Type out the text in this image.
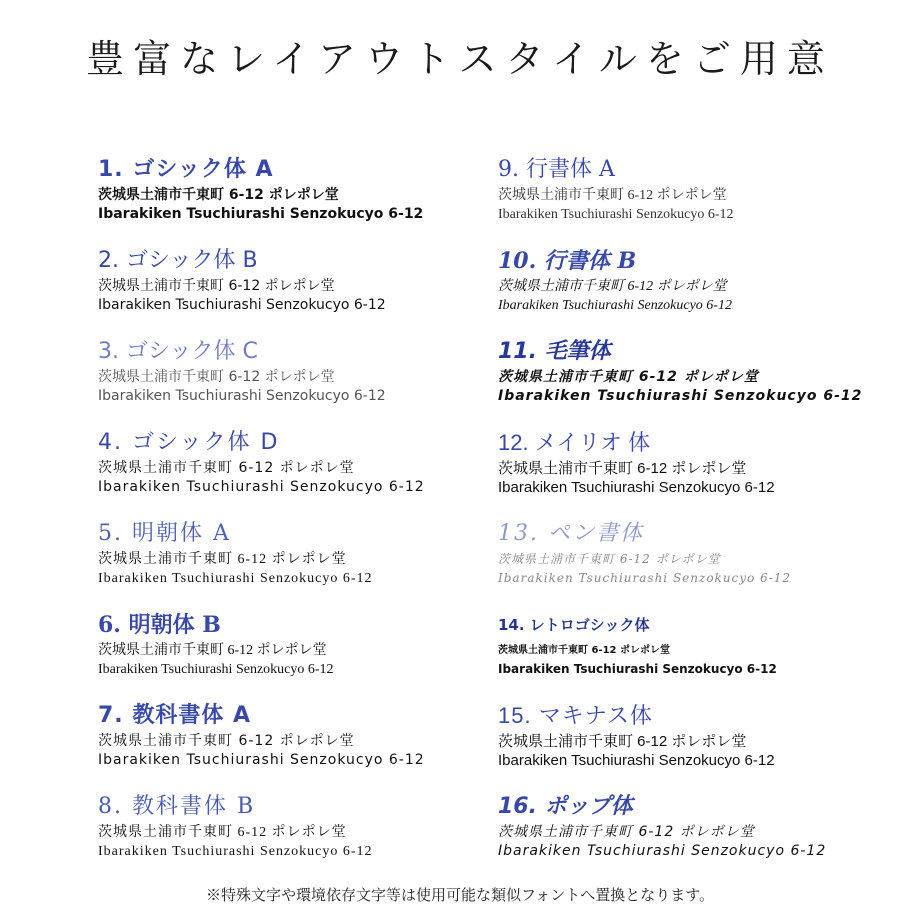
豊富なレイアウトスタイルをご用意
1. ゴシック体 A
茨城県土浦市千東町 6-12 ポレポレ堂
Ibarakiken Tsuchiurashi Senzokucyo 6-12
2. ゴシック体 B
茨城県土浦市千東町 6-12 ポレポレ堂
Ibarakiken Tsuchiurashi Senzokucyo 6-12
3. ゴシック体 C
茨城県土浦市千東町 6-12 ポレポレ堂
Ibarakiken Tsuchiurashi Senzokucyo 6-12
4. ゴシック体 D
茨城県土浦市千東町 6-12 ポレポレ堂
Ibarakiken Tsuchiurashi Senzokucyo 6-12
5. 明朝体 A
茨城県土浦市千東町 6-12 ポレポレ堂
Ibarakiken Tsuchiurashi Senzokucyo 6-12
6. 明朝体 B
茨城県土浦市千東町 6-12 ポレポレ堂
Ibarakiken Tsuchiurashi Senzokucyo 6-12
7. 教科書体 A
茨城県土浦市千東町 6-12 ポレポレ堂
Ibarakiken Tsuchiurashi Senzokucyo 6-12
8. 教科書体 B
茨城県土浦市千東町 6-12 ポレポレ堂
Ibarakiken Tsuchiurashi Senzokucyo 6-12
9. 行書体 A
茨城県土浦市千東町 6-12 ポレポレ堂
Ibarakiken Tsuchiurashi Senzokucyo 6-12
10. 行書体 B
茨城県土浦市千東町 6-12 ポレポレ堂
Ibarakiken Tsuchiurashi Senzokucyo 6-12
11. 毛筆体
茨城県土浦市千東町 6-12 ポレポレ堂
Ibarakiken Tsuchiurashi Senzokucyo 6-12
12. メイリオ 体
茨城県土浦市千東町 6-12 ポレポレ堂
Ibarakiken Tsuchiurashi Senzokucyo 6-12
13. ペン書体
茨城県土浦市千東町 6-12 ポレポレ堂
Ibarakiken Tsuchiurashi Senzokucyo 6-12
14. レトロゴシック体
茨城県土浦市千東町 6-12 ポレポレ堂
Ibarakiken Tsuchiurashi Senzokucyo 6-12
15. マキナス体
茨城県土浦市千東町 6-12 ポレポレ堂
Ibarakiken Tsuchiurashi Senzokucyo 6-12
16. ポップ体
茨城県土浦市千東町 6-12 ポレポレ堂
Ibarakiken Tsuchiurashi Senzokucyo 6-12
※特殊文字や環境依存文字等は使用可能な類似フォントへ置換となります。
